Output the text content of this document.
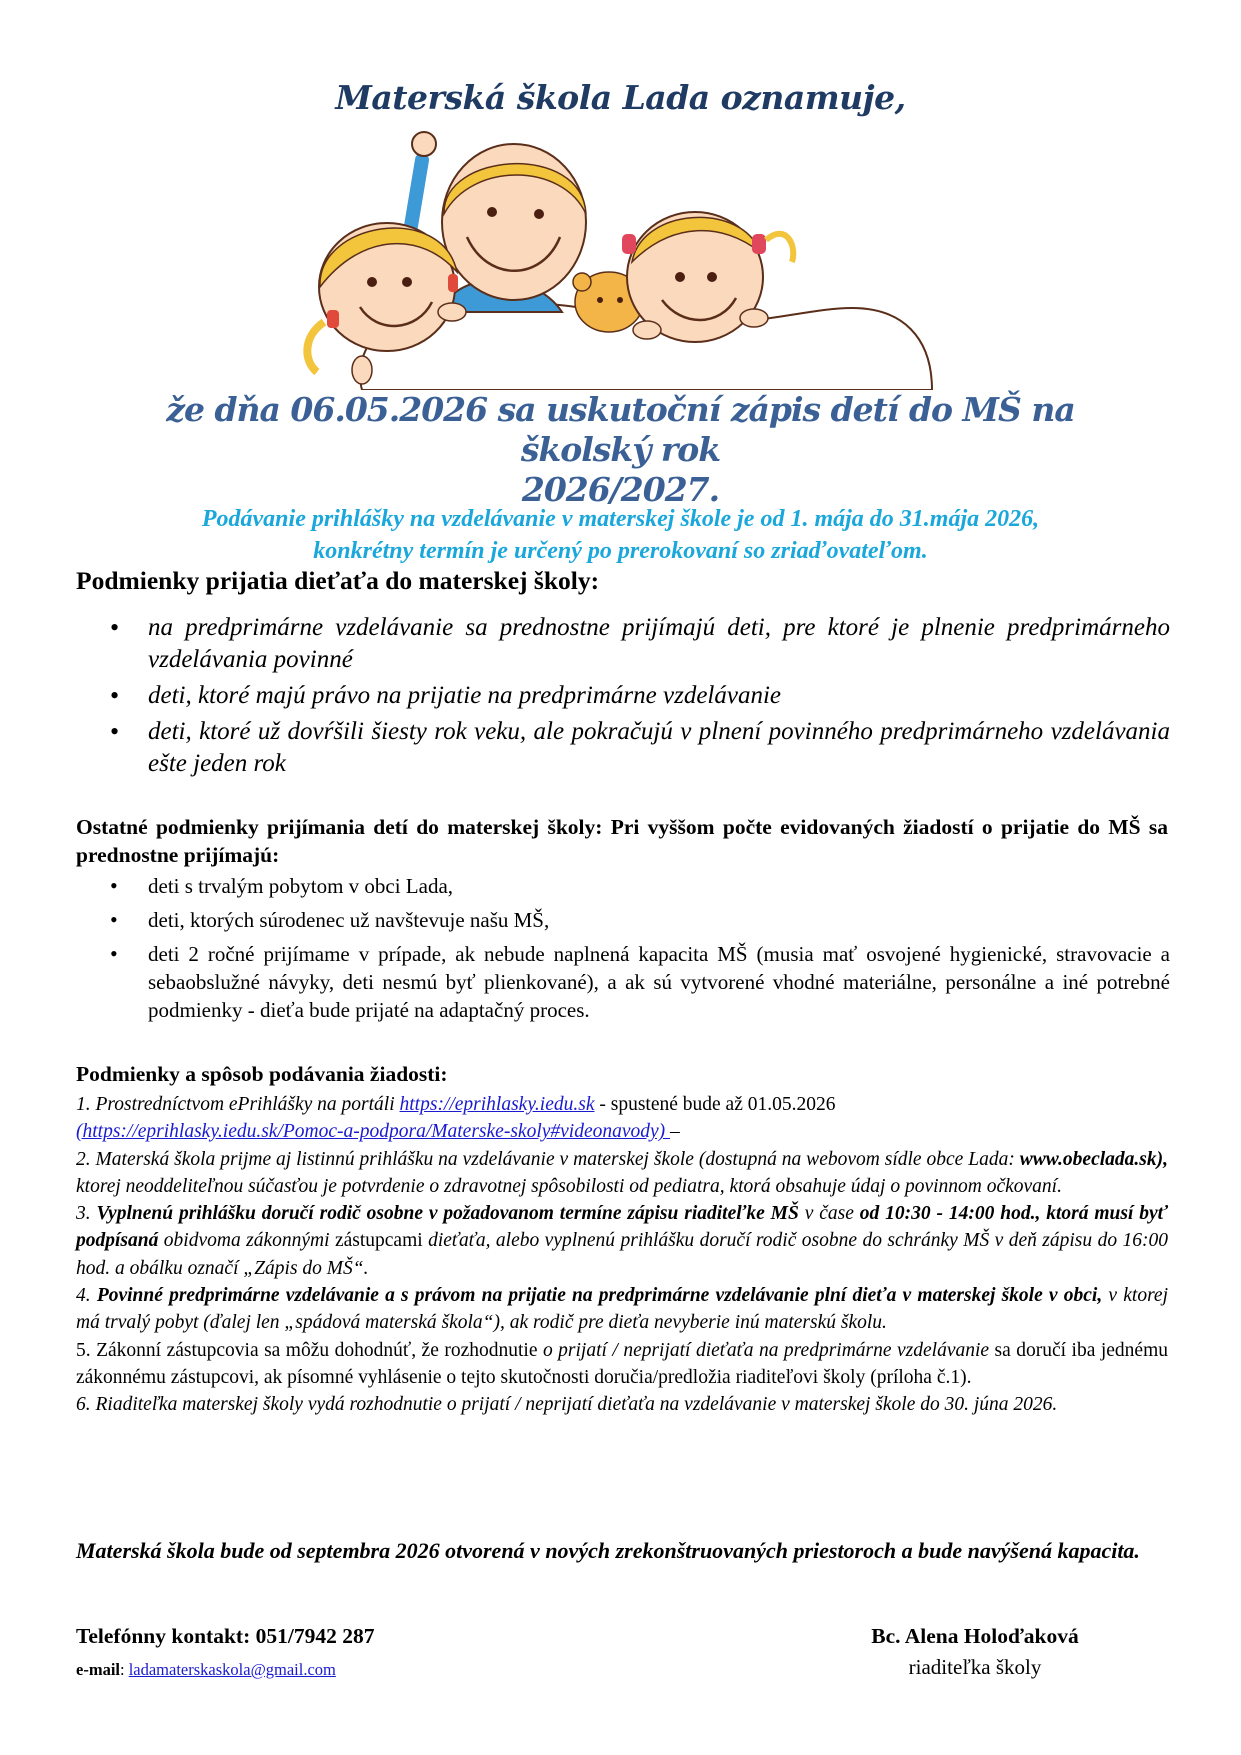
Materská škola Lada oznamuje,
že dňa 06.05.2026 sa uskutoční zápis detí do MŠ na školský rok
2026/2027.
Podávanie prihlášky na vzdelávanie v materskej škole je od 1. mája do 31.mája 2026,
konkrétny termín je určený po prerokovaní so zriaďovateľom.
Podmienky prijatia dieťaťa do materskej školy:
• na predprimárne vzdelávanie sa prednostne prijímajú deti, pre ktoré je plnenie predprimárneho vzdelávania povinné
• deti, ktoré majú právo na prijatie na predprimárne vzdelávanie
• deti, ktoré už dovŕšili šiesty rok veku, ale pokračujú v plnení povinného predprimárneho vzdelávania ešte jeden rok
Ostatné podmienky prijímania detí do materskej školy: Pri vyššom počte evidovaných žiadostí o prijatie do MŠ sa prednostne prijímajú:
• deti s trvalým pobytom v obci Lada,
• deti, ktorých súrodenec už navštevuje našu MŠ,
• deti 2 ročné prijímame v prípade, ak nebude naplnená kapacita MŠ (musia mať osvojené hygienické, stravovacie a sebaobslužné návyky, deti nesmú byť plienkované), a ak sú vytvorené vhodné materiálne, personálne a iné potrebné podmienky - dieťa bude prijaté na adaptačný proces.
Podmienky a spôsob podávania žiadosti:

1. Prostredníctvom ePrihlášky na portáli https://eprihlasky.iedu.sk - spustené bude až 01.05.2026
(https://eprihlasky.iedu.sk/Pomoc-a-podpora/Materske-skoly#videonavody) –

2. Materská škola prijme aj listinnú prihlášku na vzdelávanie v materskej škole (dostupná na webovom sídle obce Lada: www.obeclada.sk), ktorej neoddeliteľnou súčasťou je potvrdenie o zdravotnej spôsobilosti od pediatra, ktorá obsahuje údaj o povinnom očkovaní.

3. Vyplnenú prihlášku doručí rodič osobne v požadovanom termíne zápisu riaditeľke MŠ v čase od 10:30 - 14:00 hod., ktorá musí byť podpísaná obidvoma zákonnými zástupcami dieťaťa, alebo vyplnenú prihlášku doručí rodič osobne do schránky MŠ v deň zápisu do 16:00 hod. a obálku označí „Zápis do MŠ“.

4. Povinné predprimárne vzdelávanie a s právom na prijatie na predprimárne vzdelávanie plní dieťa v materskej škole v obci, v ktorej má trvalý pobyt (ďalej len „spádová materská škola“), ak rodič pre dieťa nevyberie inú materskú školu.

5. Zákonní zástupcovia sa môžu dohodnúť, že rozhodnutie o prijatí / neprijatí dieťaťa na predprimárne vzdelávanie sa doručí iba jednému zákonnému zástupcovi, ak písomné vyhlásenie o tejto skutočnosti doručia/predložia riaditeľovi školy (príloha č.1).

6. Riaditeľka materskej školy vydá rozhodnutie o prijatí / neprijatí dieťaťa na vzdelávanie v materskej škole do 30. júna 2026.

Materská škola bude od septembra 2026 otvorená v nových zrekonštruovaných priestoroch a bude navýšená kapacita.
Telefónny kontakt: 051/7942 287
e-mail: ladamaterskaskola@gmail.com
Bc. Alena Holoďaková
riaditeľka školy
